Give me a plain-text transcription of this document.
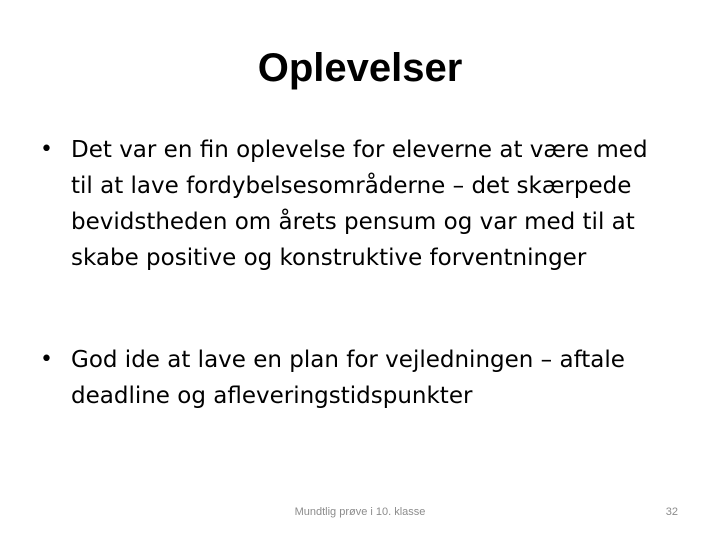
Oplevelser
• Det var en fin oplevelse for eleverne at være med til at lave fordybelsesområderne – det skærpede bevidstheden om årets pensum og var med til at skabe positive og konstruktive forventninger
• God ide at lave en plan for vejledningen – aftale deadline og afleveringstidspunkter
Mundtlig prøve i 10. klasse	32
